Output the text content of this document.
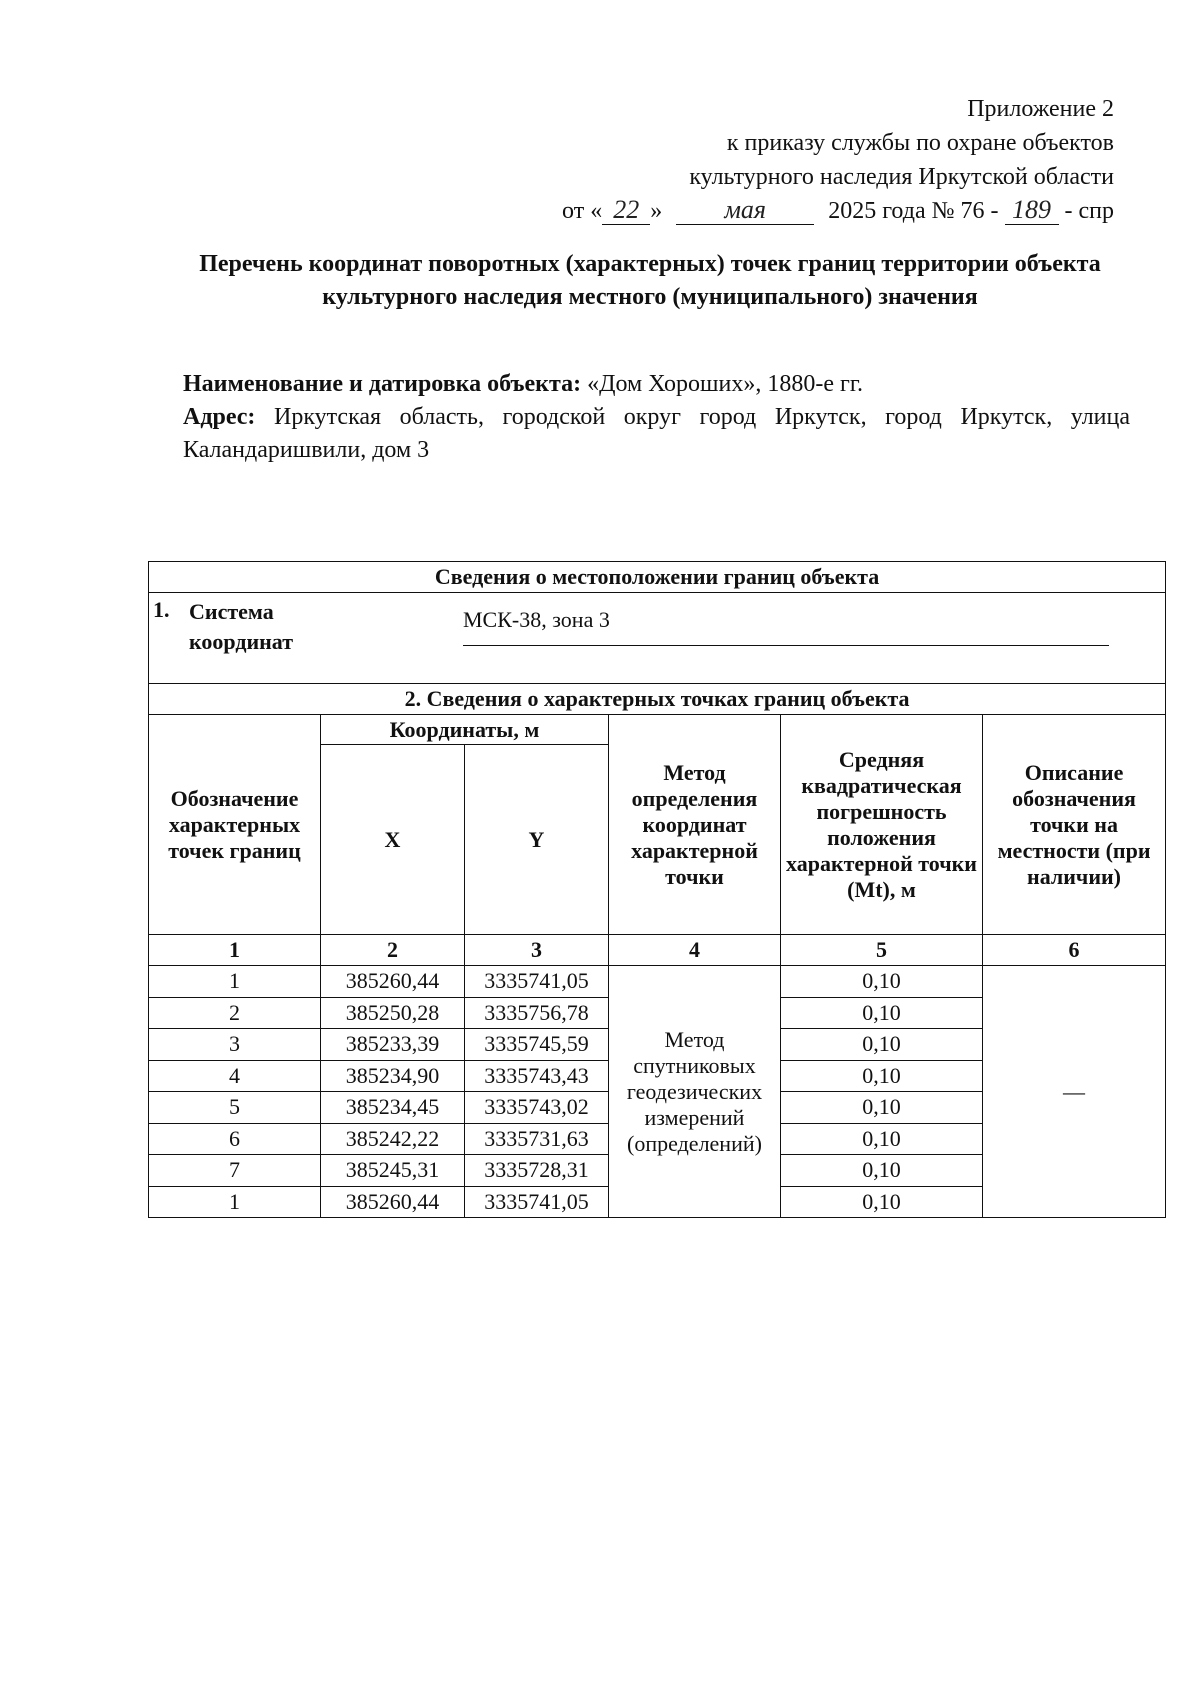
Приложение 2
к приказу службы по охране объектов
культурного наследия Иркутской области
от « 22 » мая	2025 года № 76 - 189 - спр
Перечень координат поворотных (характерных) точек границ территории объекта культурного наследия местного (муниципального) значения
Наименование и датировка объекта: «Дом Хороших», 1880-е гг.
Адрес: Иркутская область, городской округ город Иркутск, город Иркутск, улица Каландаришвили, дом 3
Сведения о местоположении границ объекта					

1. Система координат
МСК-38, зона 3					

2. Сведения о характерных точках границ объекта					
Обозначение характерных точек границ	Координаты, м		Метод определения координат характерной точки	Средняя квадратическая погрешность положения характерной точки (Mt), м	Описание обозначения точки на местности (при наличии)
	X	Y			
1	2	3	4	5	6
1	385260,44	3335741,05	Метод спутниковых геодезических измерений (определений)	0,10	—
2	385250,28	3335756,78		0,10	
3	385233,39	3335745,59		0,10	
4	385234,90	3335743,43		0,10	
5	385234,45	3335743,02		0,10	
6	385242,22	3335731,63		0,10	
7	385245,31	3335728,31		0,10	
1	385260,44	3335741,05		0,10	
